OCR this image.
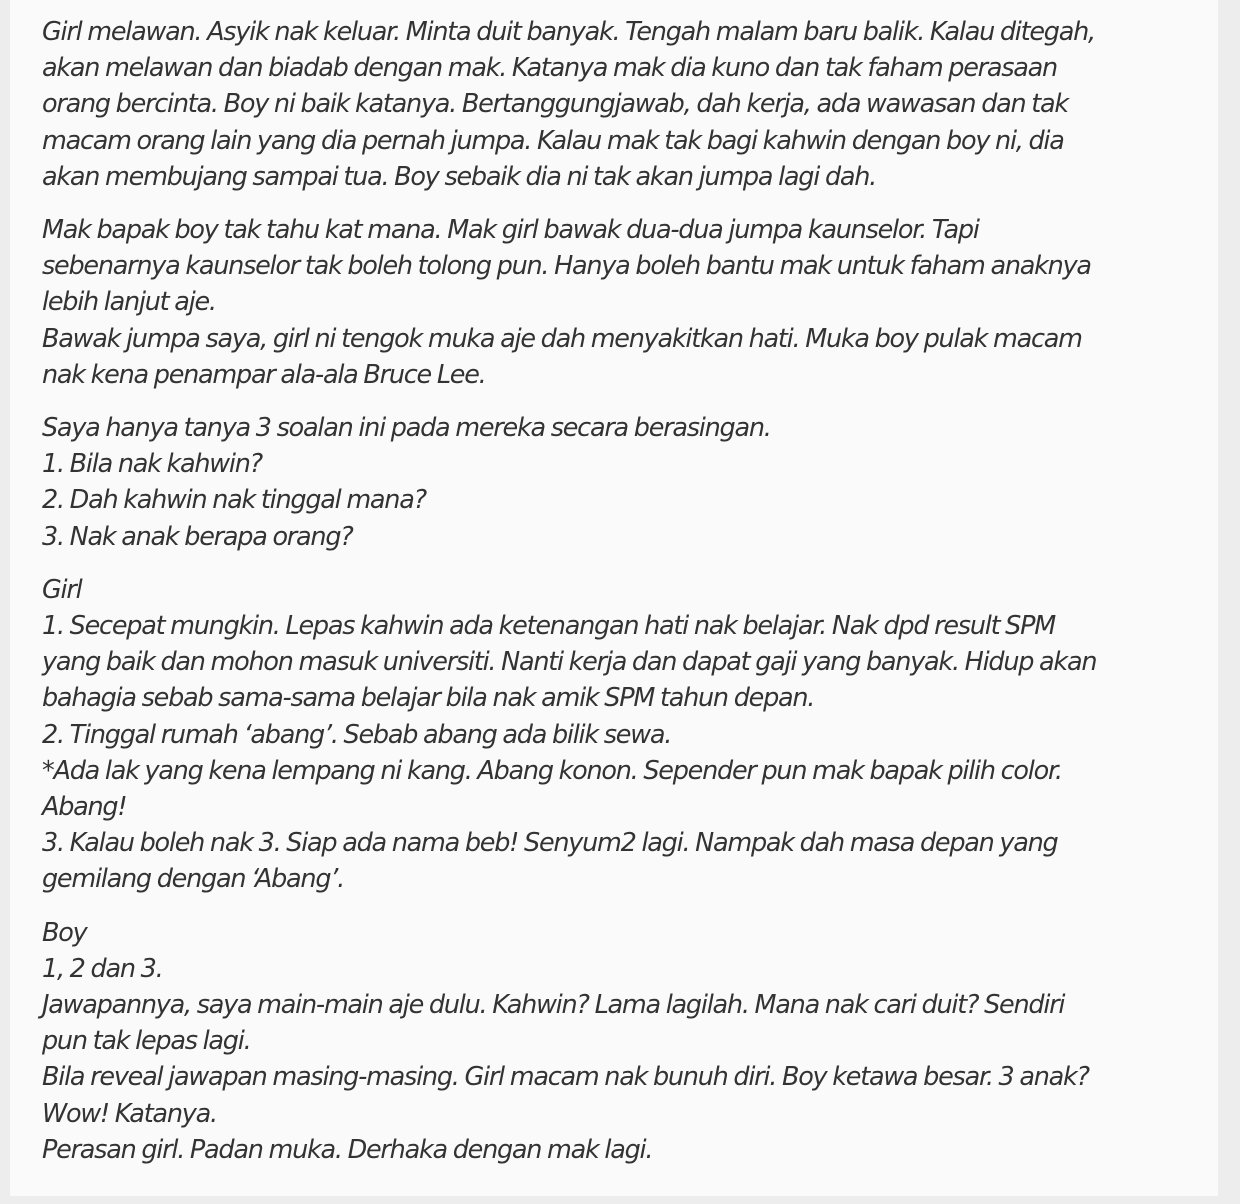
Girl melawan. Asyik nak keluar. Minta duit banyak. Tengah malam baru balik. Kalau ditegah,
akan melawan dan biadab dengan mak. Katanya mak dia kuno dan tak faham perasaan
orang bercinta. Boy ni baik katanya. Bertanggungjawab, dah kerja, ada wawasan dan tak
macam orang lain yang dia pernah jumpa. Kalau mak tak bagi kahwin dengan boy ni, dia
akan membujang sampai tua. Boy sebaik dia ni tak akan jumpa lagi dah.

Mak bapak boy tak tahu kat mana. Mak girl bawak dua-dua jumpa kaunselor. Tapi
sebenarnya kaunselor tak boleh tolong pun. Hanya boleh bantu mak untuk faham anaknya
lebih lanjut aje.
Bawak jumpa saya, girl ni tengok muka aje dah menyakitkan hati. Muka boy pulak macam
nak kena penampar ala-ala Bruce Lee.

Saya hanya tanya 3 soalan ini pada mereka secara berasingan.
1. Bila nak kahwin?
2. Dah kahwin nak tinggal mana?
3. Nak anak berapa orang?

Girl
1. Secepat mungkin. Lepas kahwin ada ketenangan hati nak belajar. Nak dpd result SPM
yang baik dan mohon masuk universiti. Nanti kerja dan dapat gaji yang banyak. Hidup akan
bahagia sebab sama-sama belajar bila nak amik SPM tahun depan.
2. Tinggal rumah ‘abang’. Sebab abang ada bilik sewa.
*Ada lak yang kena lempang ni kang. Abang konon. Sepender pun mak bapak pilih color.
Abang!
3. Kalau boleh nak 3. Siap ada nama beb! Senyum2 lagi. Nampak dah masa depan yang
gemilang dengan ‘Abang’.

Boy
1, 2 dan 3.
Jawapannya, saya main-main aje dulu. Kahwin? Lama lagilah. Mana nak cari duit? Sendiri
pun tak lepas lagi.
Bila reveal jawapan masing-masing. Girl macam nak bunuh diri. Boy ketawa besar. 3 anak?
Wow! Katanya.
Perasan girl. Padan muka. Derhaka dengan mak lagi.
